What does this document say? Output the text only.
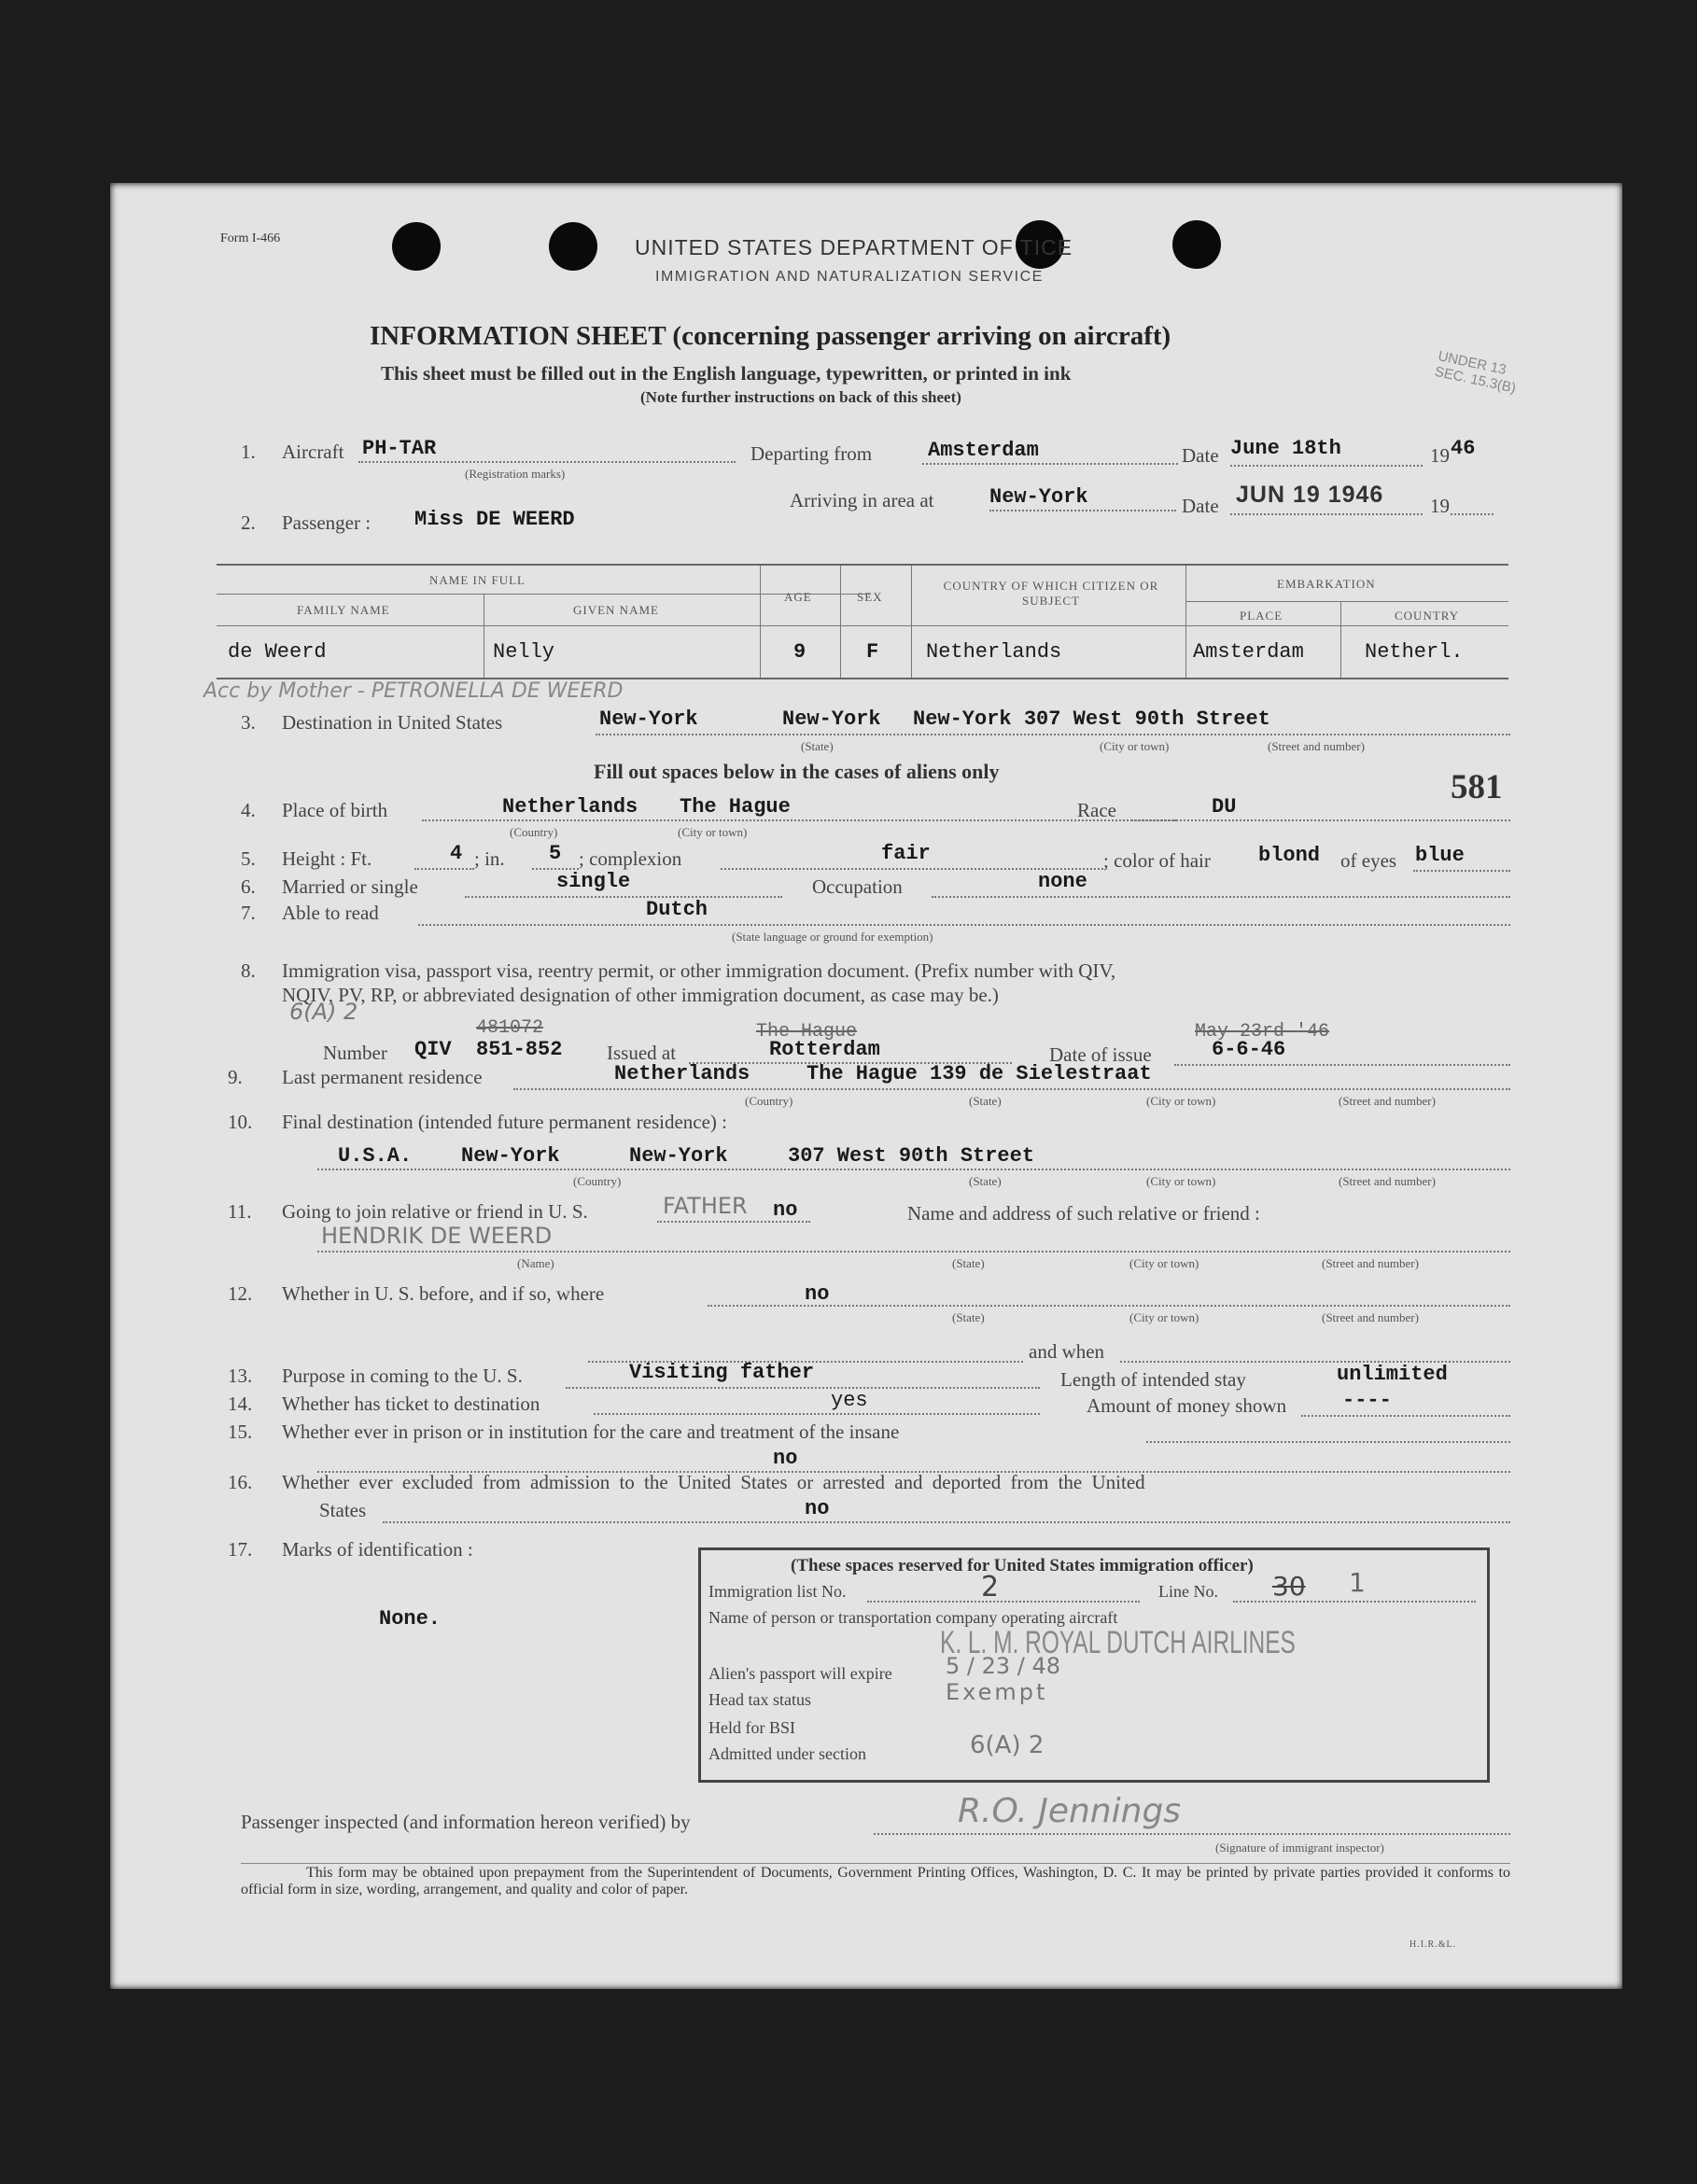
Form I-466	UNITED STATES DEPARTMENT OF TICE
IMMIGRATION AND NATURALIZATION SERVICE
INFORMATION SHEET (concerning passenger arriving on aircraft)
This sheet must be filled out in the English language, typewritten, or printed in ink
(Note further instructions on back of this sheet)
UNDER 13 SEC. 15.3(B)
1. Aircraft PH-TAR
(Registration marks)
Departing from	Amsterdam	Date June 18th	19 46
Arriving in area at	New-York	Date JUN 19 1946 19
2. Passenger : Miss DE WEERD
NAME IN FULL
FAMILY NAME	GIVEN NAME
AGE	SEX
COUNTRY OF WHICH CITIZEN OR SUBJECT
EMBARKATION
PLACE	COUNTRY
de Weerd	Nelly	9	F Netherlands	Amsterdam	Netherl.
Acc by Mother - PETRONELLA DE WEERD
3. Destination in United States	New-York	New-York New-York 307 West 90th Street
(State)	(City or town)	(Street and number)
Fill out spaces below in the cases of aliens only
4. Place of birth	Netherlands The Hague
(Country)	(City or town)
Race	DU
581
5. Height : Ft.	4 ; in. 5 ; complexion	fair	; color of hair blond of eyes blue
6. Married or single	single	Occupation	none
7. Able to read	Dutch
(State language or ground for exemption)
8. Immigration visa, passport visa, reentry permit, or other immigration document. (Prefix number with QIV,
NQIV, PV, RP, or abbreviated designation of other immigration document, as case may be.)
6(A) 2
481072	The Hague	May 23rd '46
Number QIV 851-852 Issued at	Rotterdam	Date of issue	6-6-46
9. Last permanent residence	Netherlands	The Hague 139 de Sielestraat
(Country)	(State)	(City or town)	(Street and number)
10. Final destination (intended future permanent residence) :
U.S.A. New-York	New-York	307 West 90th Street
(Country)	(State)	(City or town)	(Street and number)
11. Going to join relative or friend in U. S.	FATHER no	Name and address of such relative or friend :
HENDRIK DE WEERD
(Name)	(State)	(City or town)	(Street and number)
12. Whether in U. S. before, and if so, where	no
(State)	(City or town)	(Street and number)
and when
13. Purpose in coming to the U. S.	Visiting father	Length of intended stay	unlimited
14. Whether has ticket to destination	yes	Amount of money shown	----
15. Whether ever in prison or in institution for the care and treatment of the insane
no
16. Whether ever excluded from admission to the United States or arrested and deported from the United
States	no
17. Marks of identification :
None.
(These spaces reserved for United States immigration officer)
Immigration list No.	2	Line No. 30 1
Name of person or transportation company operating aircraft
K. L. M. ROYAL DUTCH AIRLINES
Alien's passport will expire 5 / 23 / 48
Head tax status	Exempt
Held for BSI
Admitted under section	6(A) 2
Passenger inspected (and information hereon verified) by	R.O. Jennings
(Signature of immigrant inspector)
This form may be obtained upon prepayment from the Superintendent of Documents, Government Printing Offices, Washington, D. C. It may be printed by private parties provided it conforms to official form in size, wording, arrangement, and quality and color of paper.
H.I.R.&L.
